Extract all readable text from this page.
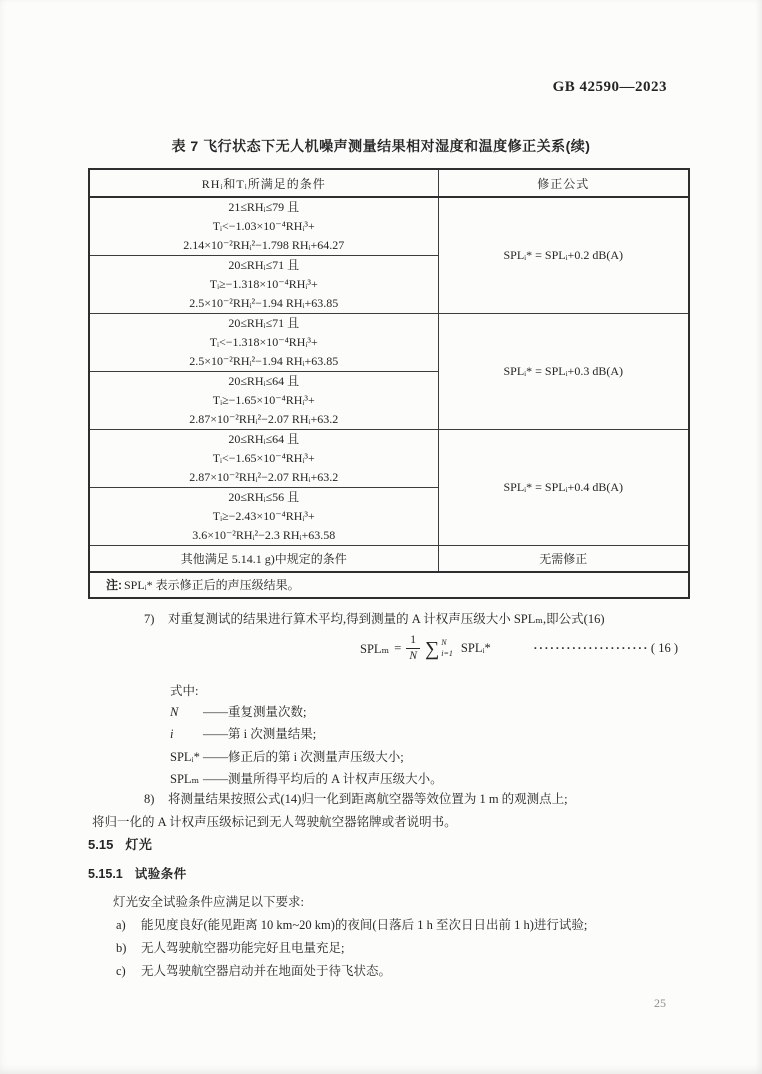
GB 42590—2023
表 7 飞行状态下无人机噪声测量结果相对湿度和温度修正关系(续)
RHᵢ和Tᵢ所满足的条件	修正公式

21≤RHᵢ≤79 且
Tᵢ<−1.03×10⁻⁴RHᵢ³+
2.14×10⁻²RHᵢ²−1.798 RHᵢ+64.27	SPLᵢ* = SPLᵢ+0.2 dB(A)

20≤RHᵢ≤71 且
Tᵢ≥−1.318×10⁻⁴RHᵢ³+
2.5×10⁻²RHᵢ²−1.94 RHᵢ+63.85	

20≤RHᵢ≤71 且
Tᵢ<−1.318×10⁻⁴RHᵢ³+
2.5×10⁻²RHᵢ²−1.94 RHᵢ+63.85	SPLᵢ* = SPLᵢ+0.3 dB(A)

20≤RHᵢ≤64 且
Tᵢ≥−1.65×10⁻⁴RHᵢ³+
2.87×10⁻²RHᵢ²−2.07 RHᵢ+63.2	

20≤RHᵢ≤64 且
Tᵢ<−1.65×10⁻⁴RHᵢ³+
2.87×10⁻²RHᵢ²−2.07 RHᵢ+63.2	SPLᵢ* = SPLᵢ+0.4 dB(A)

20≤RHᵢ≤56 且
Tᵢ≥−2.43×10⁻⁴RHᵢ³+
3.6×10⁻²RHᵢ²−2.3 RHᵢ+63.58	

其他满足 5.14.1 g)中规定的条件	无需修正
注: SPLᵢ* 表示修正后的声压级结果。	
7) 对重复测试的结果进行算术平均,得到测量的 A 计权声压级大小 SPLₘ,即公式(16)
$SPL_m = \frac{1}{N}$ ∑ N
i=1 SPLᵢ*	····················· ( 16 )
式中:
N ——重复测量次数;
i ——第 i 次测量结果;
SPLᵢ* ——修正后的第 i 次测量声压级大小;
SPLₘ ——测量所得平均后的 A 计权声压级大小。
8) 将测量结果按照公式(14)归一化到距离航空器等效位置为 1 m 的观测点上;
将归一化的 A 计权声压级标记到无人驾驶航空器铭牌或者说明书。
5.15 灯光
5.15.1 试验条件
灯光安全试验条件应满足以下要求:
a) 能见度良好(能见距离 10 km~20 km)的夜间(日落后 1 h 至次日日出前 1 h)进行试验;
b) 无人驾驶航空器功能完好且电量充足;
c) 无人驾驶航空器启动并在地面处于待飞状态。
25
